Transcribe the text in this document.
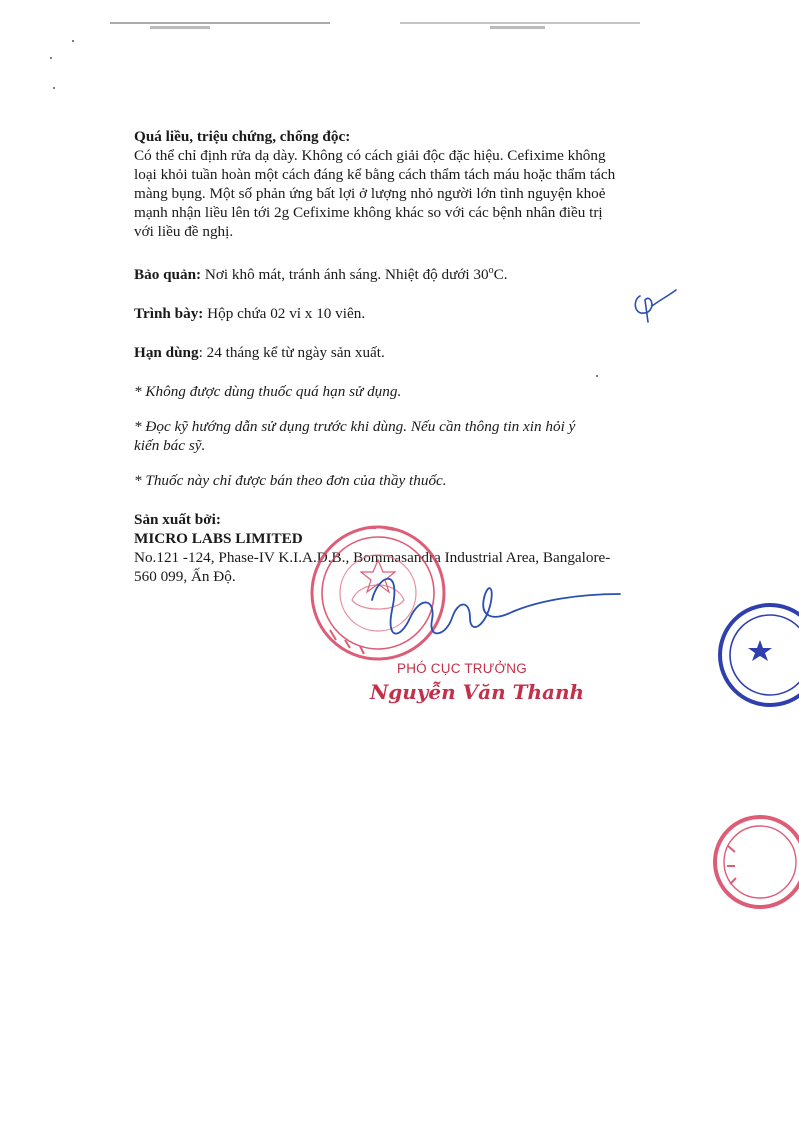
Quá liều, triệu chứng, chống độc:

Có thể chỉ định rửa dạ dày. Không có cách giải độc đặc hiệu. Cefixime không

loại khỏi tuần hoàn một cách đáng kể bằng cách thẩm tách máu hoặc thẩm tách

màng bụng. Một số phản ứng bất lợi ở lượng nhỏ người lớn tình nguyện khoẻ

mạnh nhận liều lên tới 2g Cefixime không khác so với các bệnh nhân điều trị

với liều đề nghị.

Bảo quản: Nơi khô mát, tránh ánh sáng. Nhiệt độ dưới 30$^o$C.

Trình bày: Hộp chứa 02 vỉ x 10 viên.

Hạn dùng: 24 tháng kể từ ngày sản xuất.

* Không được dùng thuốc quá hạn sử dụng.

* Đọc kỹ hướng dẫn sử dụng trước khi dùng. Nếu cần thông tin xin hỏi ý

kiến bác sỹ.

* Thuốc này chỉ được bán theo đơn của thầy thuốc.

Sản xuất bởi:

MICRO LABS LIMITED

No.121 -124, Phase-IV K.I.A.D.B., Bommasandra Industrial Area, Bangalore-

560 099, Ấn Độ.

PHÓ CỤC TRƯỞNG
Nguyễn Văn Thanh
